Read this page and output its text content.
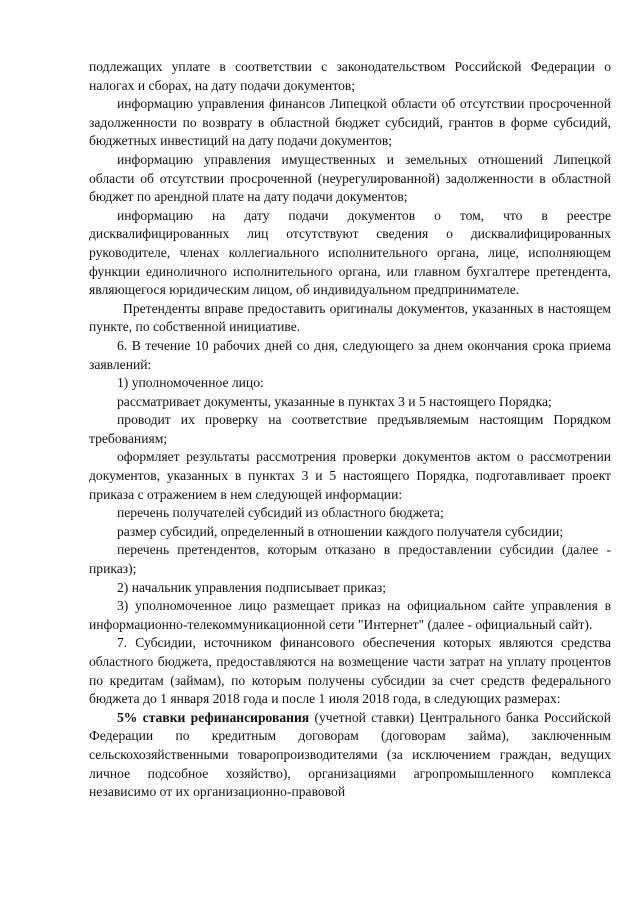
подлежащих уплате в соответствии с законодательством Российской Федерации о налогах и сборах, на дату подачи документов;

информацию управления финансов Липецкой области об отсутствии просроченной задолженности по возврату в областной бюджет субсидий, грантов в форме субсидий, бюджетных инвестиций на дату подачи документов;

информацию управления имущественных и земельных отношений Липецкой области об отсутствии просроченной (неурегулированной) задолженности в областной бюджет по арендной плате на дату подачи документов;

информацию на дату подачи документов о том, что в реестре дисквалифицированных лиц отсутствуют сведения о дисквалифицированных руководителе, членах коллегиального исполнительного органа, лице, исполняющем функции единоличного исполнительного органа, или главном бухгалтере претендента, являющегося юридическим лицом, об индивидуальном предпринимателе.

Претенденты вправе предоставить оригиналы документов, указанных в настоящем пункте, по собственной инициативе.

6. В течение 10 рабочих дней со дня, следующего за днем окончания срока приема заявлений:

1) уполномоченное лицо:

рассматривает документы, указанные в пунктах 3 и 5 настоящего Порядка;

проводит их проверку на соответствие предъявляемым настоящим Порядком требованиям;

оформляет результаты рассмотрения проверки документов актом о рассмотрении документов, указанных в пунктах 3 и 5 настоящего Порядка, подготавливает проект приказа с отражением в нем следующей информации:

перечень получателей субсидий из областного бюджета;

размер субсидий, определенный в отношении каждого получателя субсидии;

перечень претендентов, которым отказано в предоставлении субсидии (далее - приказ);

2) начальник управления подписывает приказ;

3) уполномоченное лицо размещает приказ на официальном сайте управления в информационно-телекоммуникационной сети "Интернет" (далее - официальный сайт).

7. Субсидии, источником финансового обеспечения которых являются средства областного бюджета, предоставляются на возмещение части затрат на уплату процентов по кредитам (займам), по которым получены субсидии за счет средств федерального бюджета до 1 января 2018 года и после 1 июля 2018 года, в следующих размерах:

5% ставки рефинансирования (учетной ставки) Центрального банка Российской Федерации по кредитным договорам (договорам займа), заключенным сельскохозяйственными товаропроизводителями (за исключением граждан, ведущих личное подсобное хозяйство), организациями агропромышленного комплекса независимо от их организационно-правовой
